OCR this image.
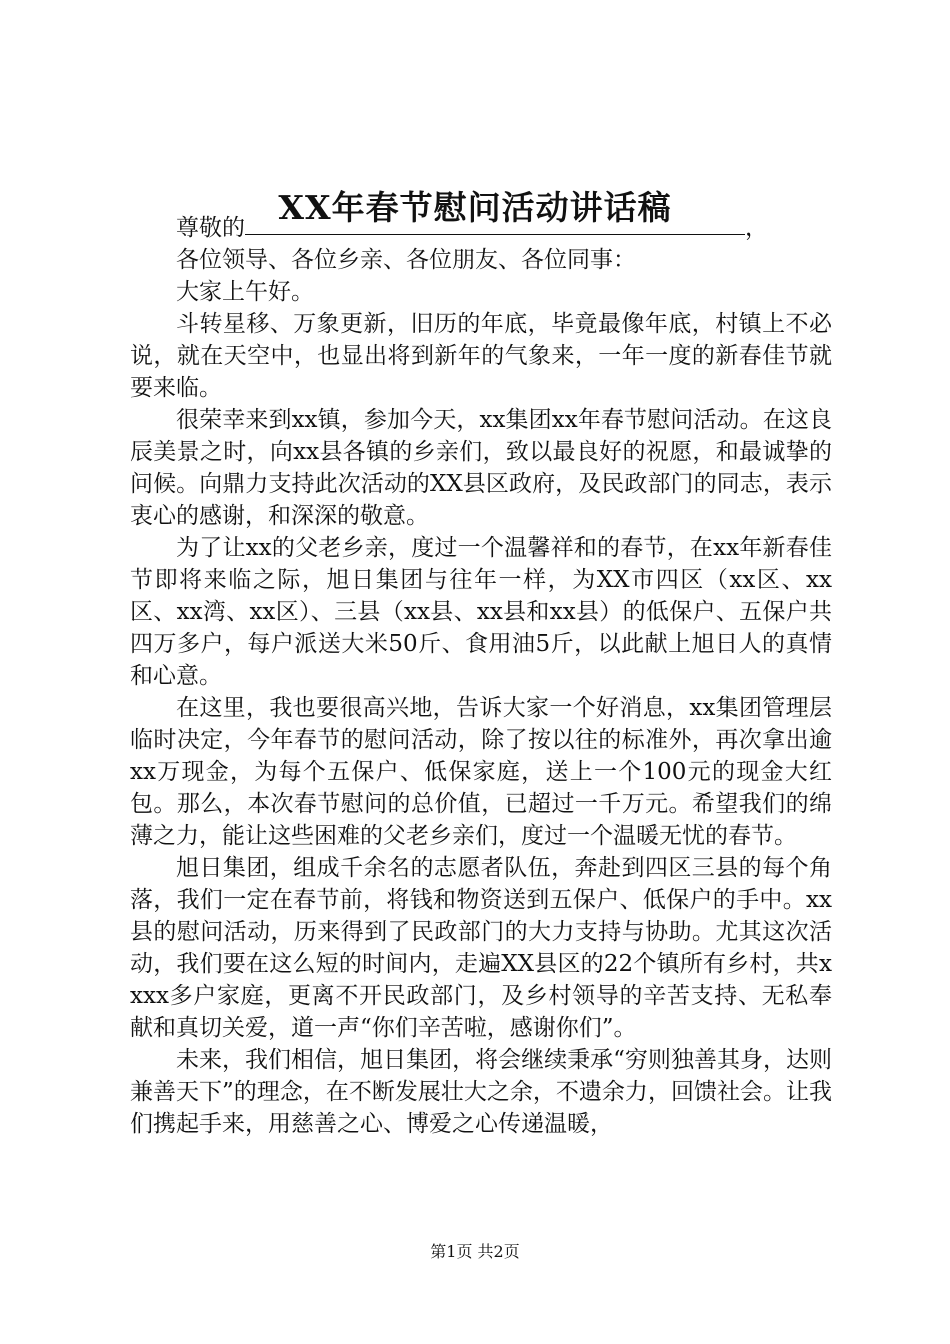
XX年春节慰问活动讲话稿

尊敬的	，

各位领导、各位乡亲、各位朋友、各位同事：

大家上午好。

斗转星移、万象更新，旧历的年底，毕竟最像年底，村镇上不必说，就在天空中，也显出将到新年的气象来，一年一度的新春佳节就要来临。

很荣幸来到xx镇，参加今天，xx集团xx年春节慰问活动。在这良辰美景之时，向xx县各镇的乡亲们，致以最良好的祝愿，和最诚挚的问候。向鼎力支持此次活动的XX县区政府，及民政部门的同志，表示衷心的感谢，和深深的敬意。

为了让xx的父老乡亲，度过一个温馨祥和的春节，在xx年新春佳节即将来临之际，旭日集团与往年一样，为XX市四区（xx区、xx区、xx湾、xx区）、三县（xx县、xx县和xx县）的低保户、五保户共四万多户，每户派送大米50斤、食用油5斤，以此献上旭日人的真情和心意。

在这里，我也要很高兴地，告诉大家一个好消息，xx集团管理层临时决定，今年春节的慰问活动，除了按以往的标准外，再次拿出逾xx万现金，为每个五保户、低保家庭，送上一个100元的现金大红包。那么，本次春节慰问的总价值，已超过一千万元。希望我们的绵薄之力，能让这些困难的父老乡亲们，度过一个温暖无忧的春节。

旭日集团，组成千余名的志愿者队伍，奔赴到四区三县的每个角落，我们一定在春节前，将钱和物资送到五保户、低保户的手中。xx县的慰问活动，历来得到了民政部门的大力支持与协助。尤其这次活动，我们要在这么短的时间内，走遍XX县区的22个镇所有乡村，共xxxx多户家庭，更离不开民政部门，及乡村领导的辛苦支持、无私奉献和真切关爱，道一声“你们辛苦啦，感谢你们”。

未来，我们相信，旭日集团，将会继续秉承“穷则独善其身，达则兼善天下”的理念，在不断发展壮大之余，不遗余力，回馈社会。让我们携起手来，用慈善之心、博爱之心传递温暖，

第1页 共2页
